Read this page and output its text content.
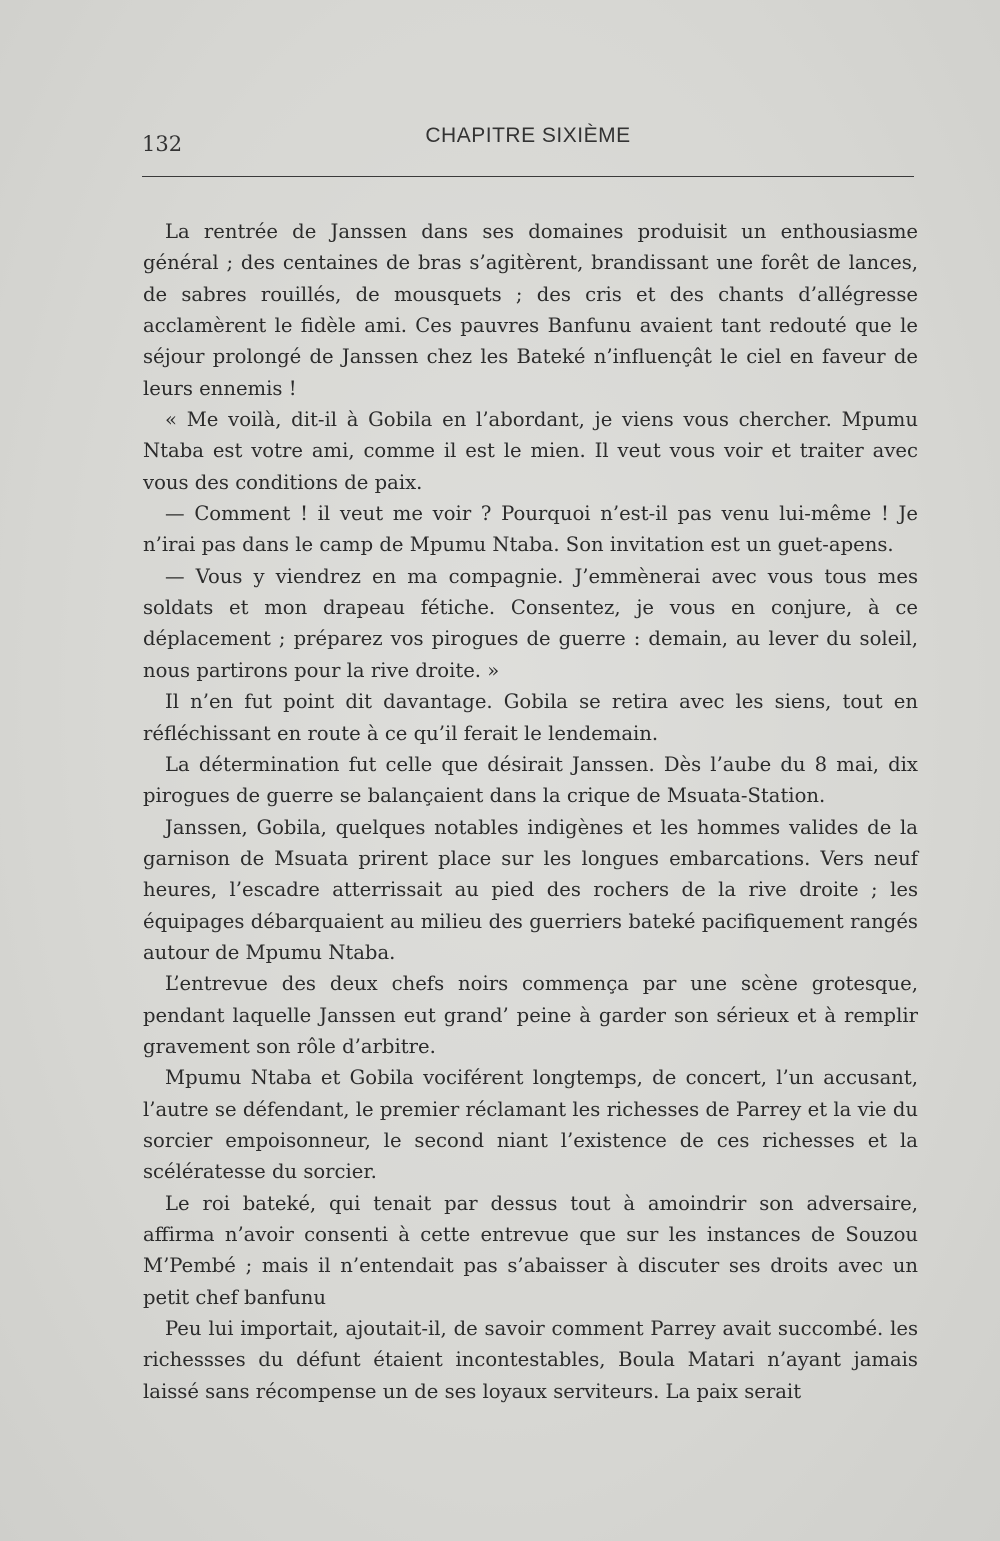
132	CHAPITRE SIXIÈME

La rentrée de Janssen dans ses domaines produisit un enthousiasme général ; des centaines de bras s’agitèrent, brandissant une forêt de lances, de sabres rouillés, de mousquets ; des cris et des chants d’allégresse acclamèrent le fidèle ami. Ces pauvres Banfunu avaient tant redouté que le séjour prolongé de Janssen chez les Bateké n’influençât le ciel en faveur de leurs ennemis !

« Me voilà, dit-il à Gobila en l’abordant, je viens vous chercher. Mpumu Ntaba est votre ami, comme il est le mien. Il veut vous voir et traiter avec vous des conditions de paix.

— Comment ! il veut me voir ? Pourquoi n’est-il pas venu lui-même ! Je n’irai pas dans le camp de Mpumu Ntaba. Son invitation est un guet-apens.

— Vous y viendrez en ma compagnie. J’emmènerai avec vous tous mes soldats et mon drapeau fétiche. Consentez, je vous en conjure, à ce déplacement ; préparez vos pirogues de guerre : demain, au lever du soleil, nous partirons pour la rive droite. »

Il n’en fut point dit davantage. Gobila se retira avec les siens, tout en réfléchissant en route à ce qu’il ferait le lendemain.

La détermination fut celle que désirait Janssen. Dès l’aube du 8 mai, dix pirogues de guerre se balançaient dans la crique de Msuata-Station.

Janssen, Gobila, quelques notables indigènes et les hommes valides de la garnison de Msuata prirent place sur les longues embarcations. Vers neuf heures, l’escadre atterrissait au pied des rochers de la rive droite ; les équipages débarquaient au milieu des guerriers bateké pacifiquement rangés autour de Mpumu Ntaba.

L’entrevue des deux chefs noirs commença par une scène grotesque, pendant laquelle Janssen eut grand’ peine à garder son sérieux et à remplir gravement son rôle d’arbitre.

Mpumu Ntaba et Gobila vociférent longtemps, de concert, l’un accusant, l’autre se défendant, le premier réclamant les richesses de Parrey et la vie du sorcier empoisonneur, le second niant l’existence de ces richesses et la scélératesse du sorcier.

Le roi bateké, qui tenait par dessus tout à amoindrir son adversaire, affirma n’avoir consenti à cette entrevue que sur les instances de Souzou M’Pembé ; mais il n’entendait pas s’abaisser à discuter ses droits avec un petit chef banfunu

Peu lui importait, ajoutait-il, de savoir comment Parrey avait succombé. les richessses du défunt étaient incontestables, Boula Matari n’ayant jamais laissé sans récompense un de ses loyaux serviteurs. La paix serait
